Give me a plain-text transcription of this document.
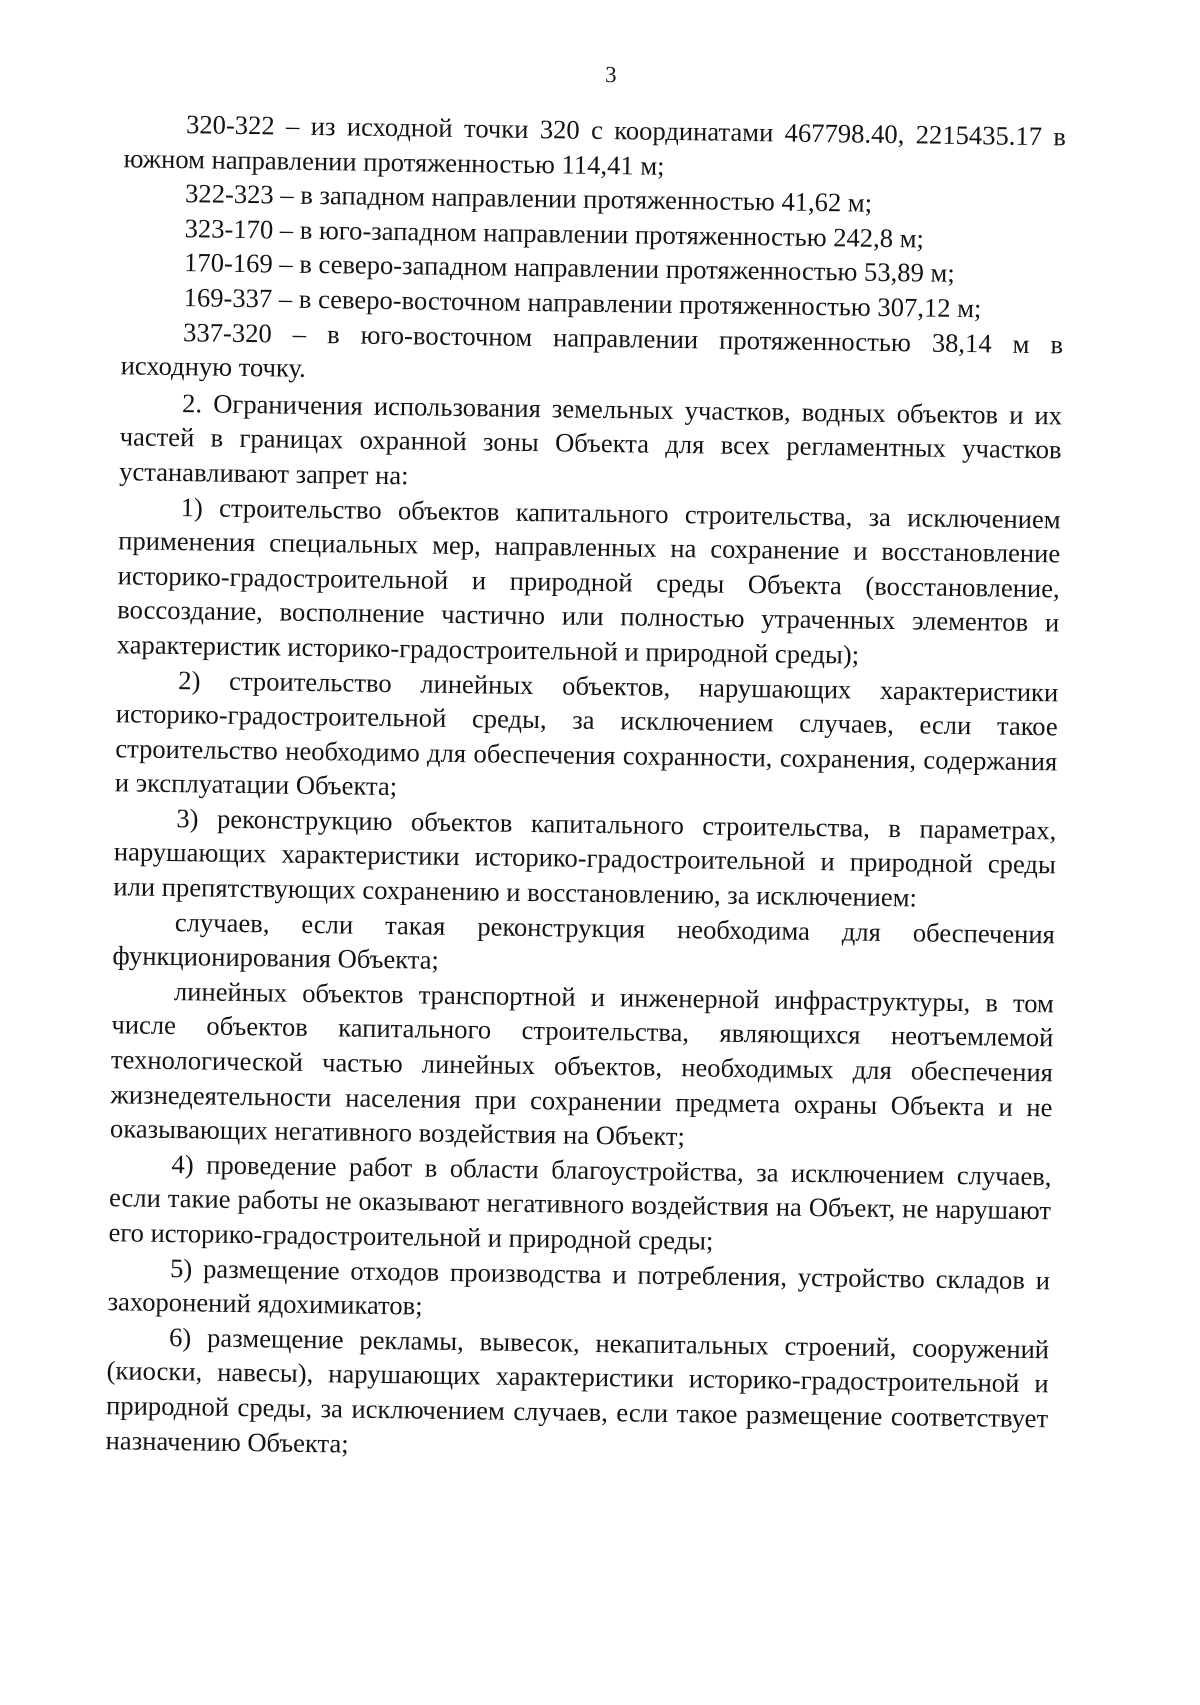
3

320-322 – из исходной точки 320 с координатами 467798.40, 2215435.17 в южном направлении протяженностью 114,41 м;

322-323 – в западном направлении протяженностью 41,62 м;

323-170 – в юго-западном направлении протяженностью 242,8 м;

170-169 – в северо-западном направлении протяженностью 53,89 м;

169-337 – в северо-восточном направлении протяженностью 307,12 м;

337-320 – в юго-восточном направлении протяженностью 38,14 м в исходную точку.

2. Ограничения использования земельных участков, водных объектов и их частей в границах охранной зоны Объекта для всех регламентных участков устанавливают запрет на:

1) строительство объектов капитального строительства, за исключением применения специальных мер, направленных на сохранение и восстановление историко-градостроительной и природной среды Объекта (восстановление, воссоздание, восполнение частично или полностью утраченных элементов и характеристик историко-градостроительной и природной среды);

2) строительство линейных объектов, нарушающих характеристики историко-градостроительной среды, за исключением случаев, если такое строительство необходимо для обеспечения сохранности, сохранения, содержания и эксплуатации Объекта;

3) реконструкцию объектов капитального строительства, в параметрах, нарушающих характеристики историко-градостроительной и природной среды или препятствующих сохранению и восстановлению, за исключением:

случаев, если такая реконструкция необходима для обеспечения функционирования Объекта;

линейных объектов транспортной и инженерной инфраструктуры, в том числе объектов капитального строительства, являющихся неотъемлемой технологической частью линейных объектов, необходимых для обеспечения жизнедеятельности населения при сохранении предмета охраны Объекта и не оказывающих негативного воздействия на Объект;

4) проведение работ в области благоустройства, за исключением случаев, если такие работы не оказывают негативного воздействия на Объект, не нарушают его историко-градостроительной и природной среды;

5) размещение отходов производства и потребления, устройство складов и захоронений ядохимикатов;

6) размещение рекламы, вывесок, некапитальных строений, сооружений (киоски, навесы), нарушающих характеристики историко-градостроительной и природной среды, за исключением случаев, если такое размещение соответствует назначению Объекта;
